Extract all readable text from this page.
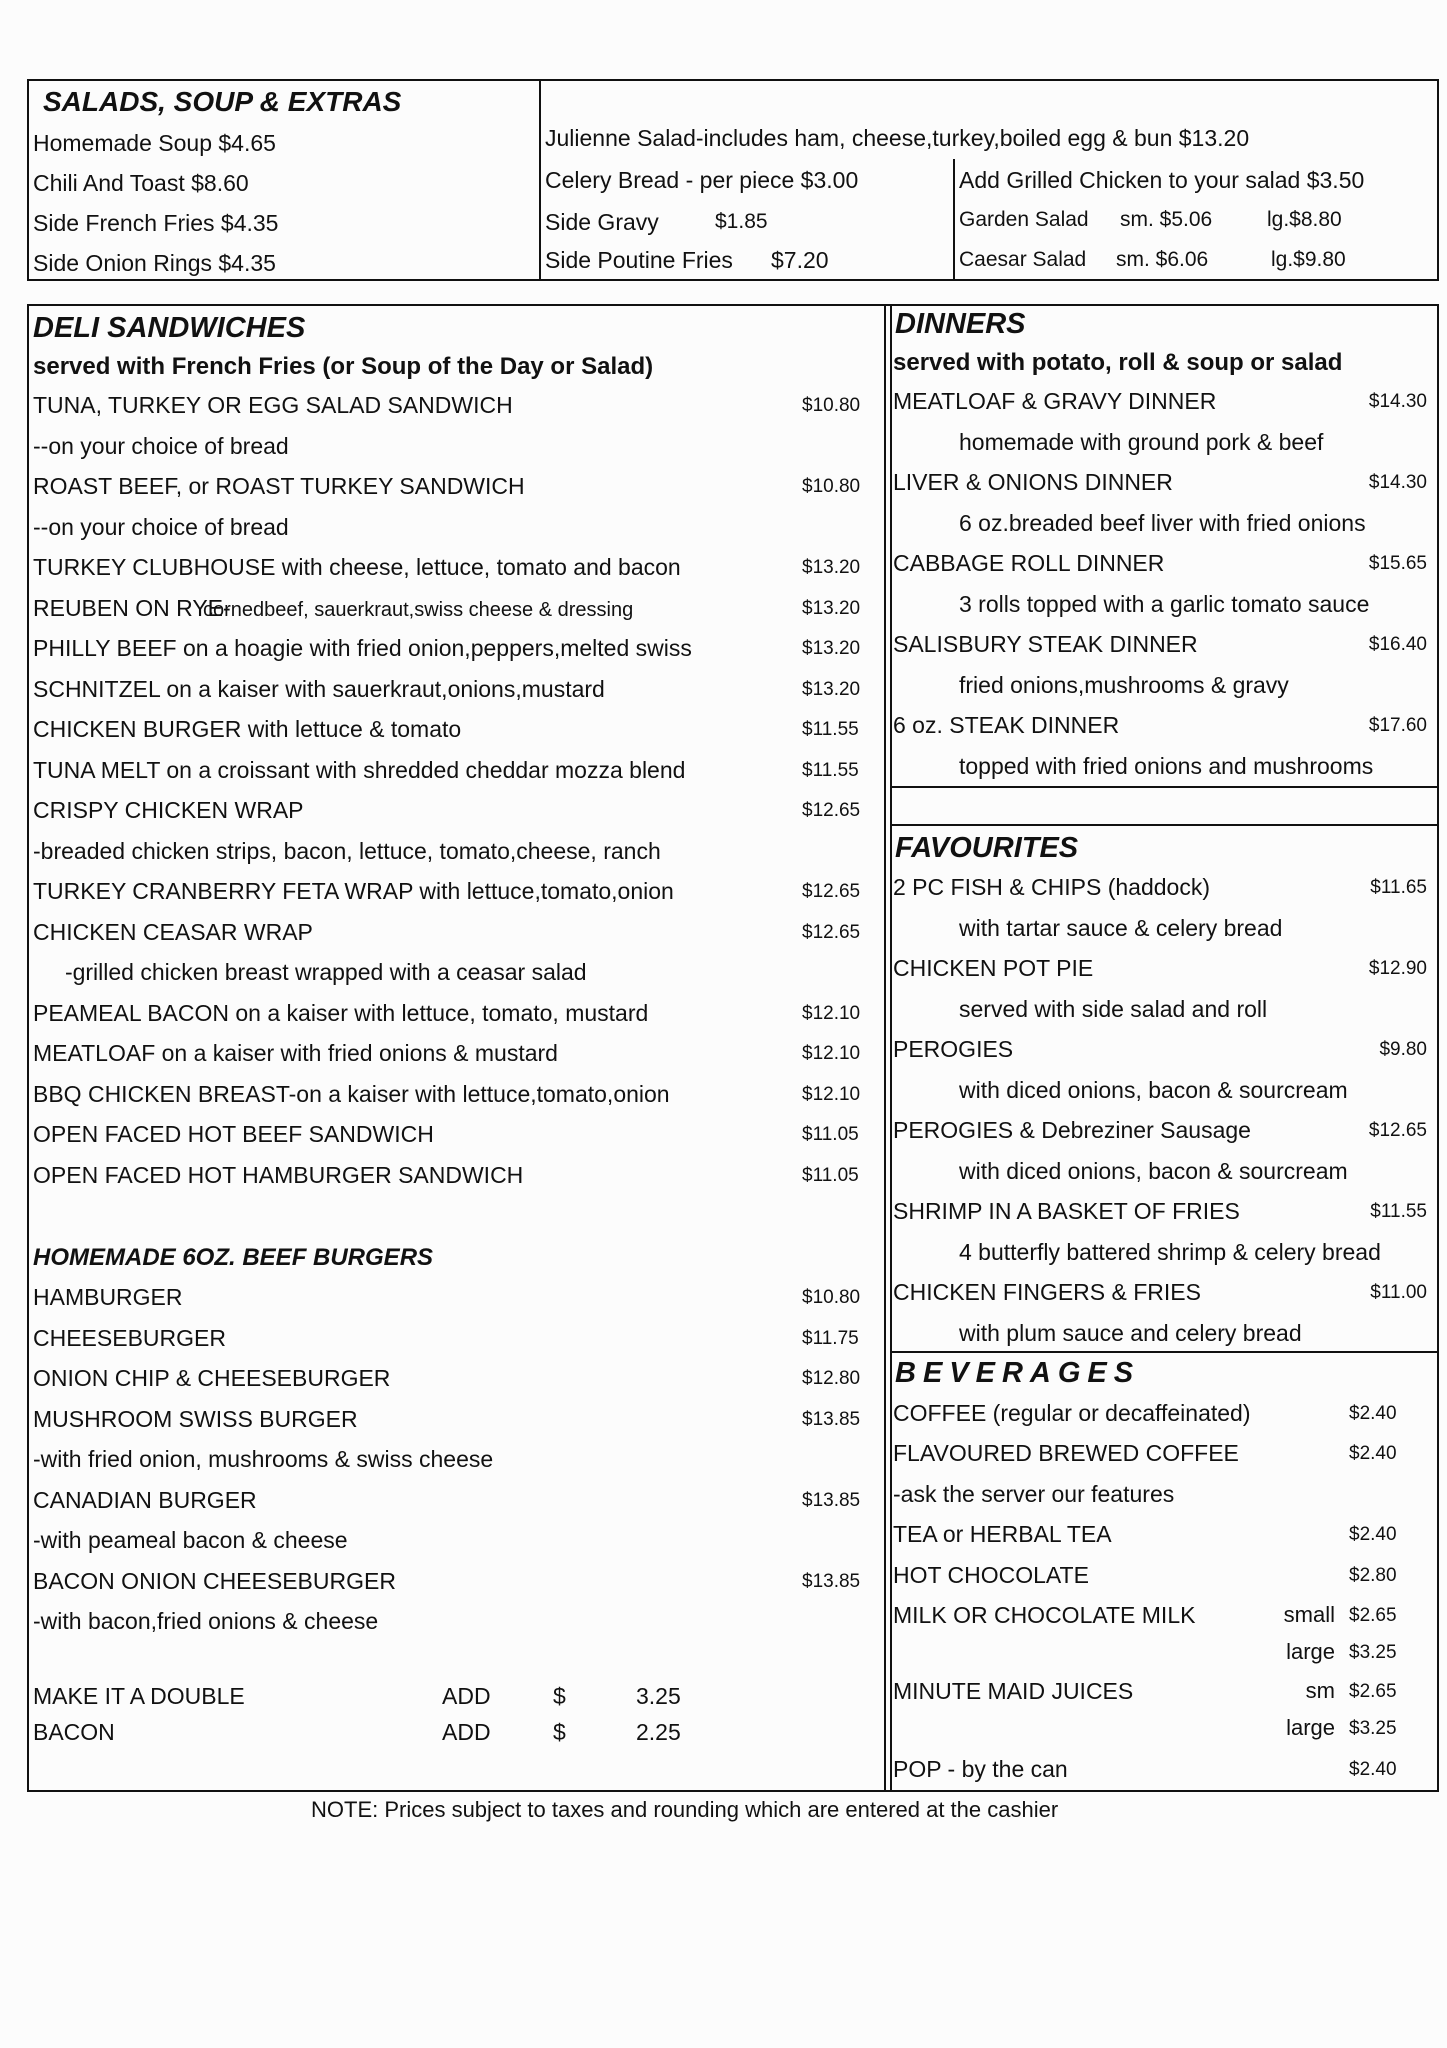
SALADS, SOUP & EXTRAS
Homemade Soup $4.65
Chili And Toast $8.60
Side French Fries $4.35
Side Onion Rings $4.35
Julienne Salad-includes ham, cheese,turkey,boiled egg & bun $13.20
Celery Bread - per piece $3.00
Side Gravy	$1.85
Side Poutine Fries $7.20
Add Grilled Chicken to your salad $3.50
Garden Salad sm. $5.06	lg.$8.80
Caesar Salad sm. $6.06	lg.$9.80
DELI SANDWICHES
served with French Fries (or Soup of the Day or Salad)
TUNA, TURKEY OR EGG SALAD SANDWICH	$10.80
--on your choice of bread
ROAST BEEF, or ROAST TURKEY SANDWICH	$10.80
--on your choice of bread
TURKEY CLUBHOUSE with cheese, lettuce, tomato and bacon	$13.20
REUBEN ON RYE-
cornedbeef, sauerkraut,swiss cheese & dressing	$13.20
PHILLY BEEF on a hoagie with fried onion,peppers,melted swiss	$13.20
SCHNITZEL on a kaiser with sauerkraut,onions,mustard	$13.20
CHICKEN BURGER with lettuce & tomato	$11.55
TUNA MELT on a croissant with shredded cheddar mozza blend	$11.55
CRISPY CHICKEN WRAP	$12.65
-breaded chicken strips, bacon, lettuce, tomato,cheese, ranch
TURKEY CRANBERRY FETA WRAP with lettuce,tomato,onion	$12.65
CHICKEN CEASAR WRAP	$12.65
-grilled chicken breast wrapped with a ceasar salad
PEAMEAL BACON on a kaiser with lettuce, tomato, mustard	$12.10
MEATLOAF on a kaiser with fried onions & mustard	$12.10
BBQ CHICKEN BREAST-on a kaiser with lettuce,tomato,onion	$12.10
OPEN FACED HOT BEEF SANDWICH	$11.05
OPEN FACED HOT HAMBURGER SANDWICH	$11.05
HOMEMADE 6OZ. BEEF BURGERS
HAMBURGER	$10.80
CHEESEBURGER	$11.75
ONION CHIP & CHEESEBURGER	$12.80
MUSHROOM SWISS BURGER	$13.85
-with fried onion, mushrooms & swiss cheese
CANADIAN BURGER	$13.85
-with peameal bacon & cheese
BACON ONION CHEESEBURGER	$13.85
-with bacon,fried onions & cheese
MAKE IT A DOUBLE	ADD	$	3.25
BACON	ADD	$	2.25
DINNERS
served with potato, roll & soup or salad
MEATLOAF & GRAVY DINNER	$14.30
homemade with ground pork & beef
LIVER & ONIONS DINNER	$14.30
6 oz.breaded beef liver with fried onions
CABBAGE ROLL DINNER	$15.65
3 rolls topped with a garlic tomato sauce
SALISBURY STEAK DINNER	$16.40
fried onions,mushrooms & gravy
6 oz. STEAK DINNER	$17.60
topped with fried onions and mushrooms
FAVOURITES
2 PC FISH & CHIPS (haddock)	$11.65
with tartar sauce & celery bread
CHICKEN POT PIE	$12.90
served with side salad and roll
PEROGIES	$9.80
with diced onions, bacon & sourcream
PEROGIES & Debreziner Sausage	$12.65
with diced onions, bacon & sourcream
SHRIMP IN A BASKET OF FRIES	$11.55
4 butterfly battered shrimp & celery bread
CHICKEN FINGERS & FRIES	$11.00
with plum sauce and celery bread
BEVERAGES
COFFEE (regular or decaffeinated)	$2.40
FLAVOURED BREWED COFFEE	$2.40
-ask the server our features
TEA or HERBAL TEA	$2.40
HOT CHOCOLATE	$2.80
MILK OR CHOCOLATE MILK	small $2.65
large $3.25
MINUTE MAID JUICES	sm $2.65
large $3.25
POP - by the can	$2.40
NOTE: Prices subject to taxes and rounding which are entered at the cashier
